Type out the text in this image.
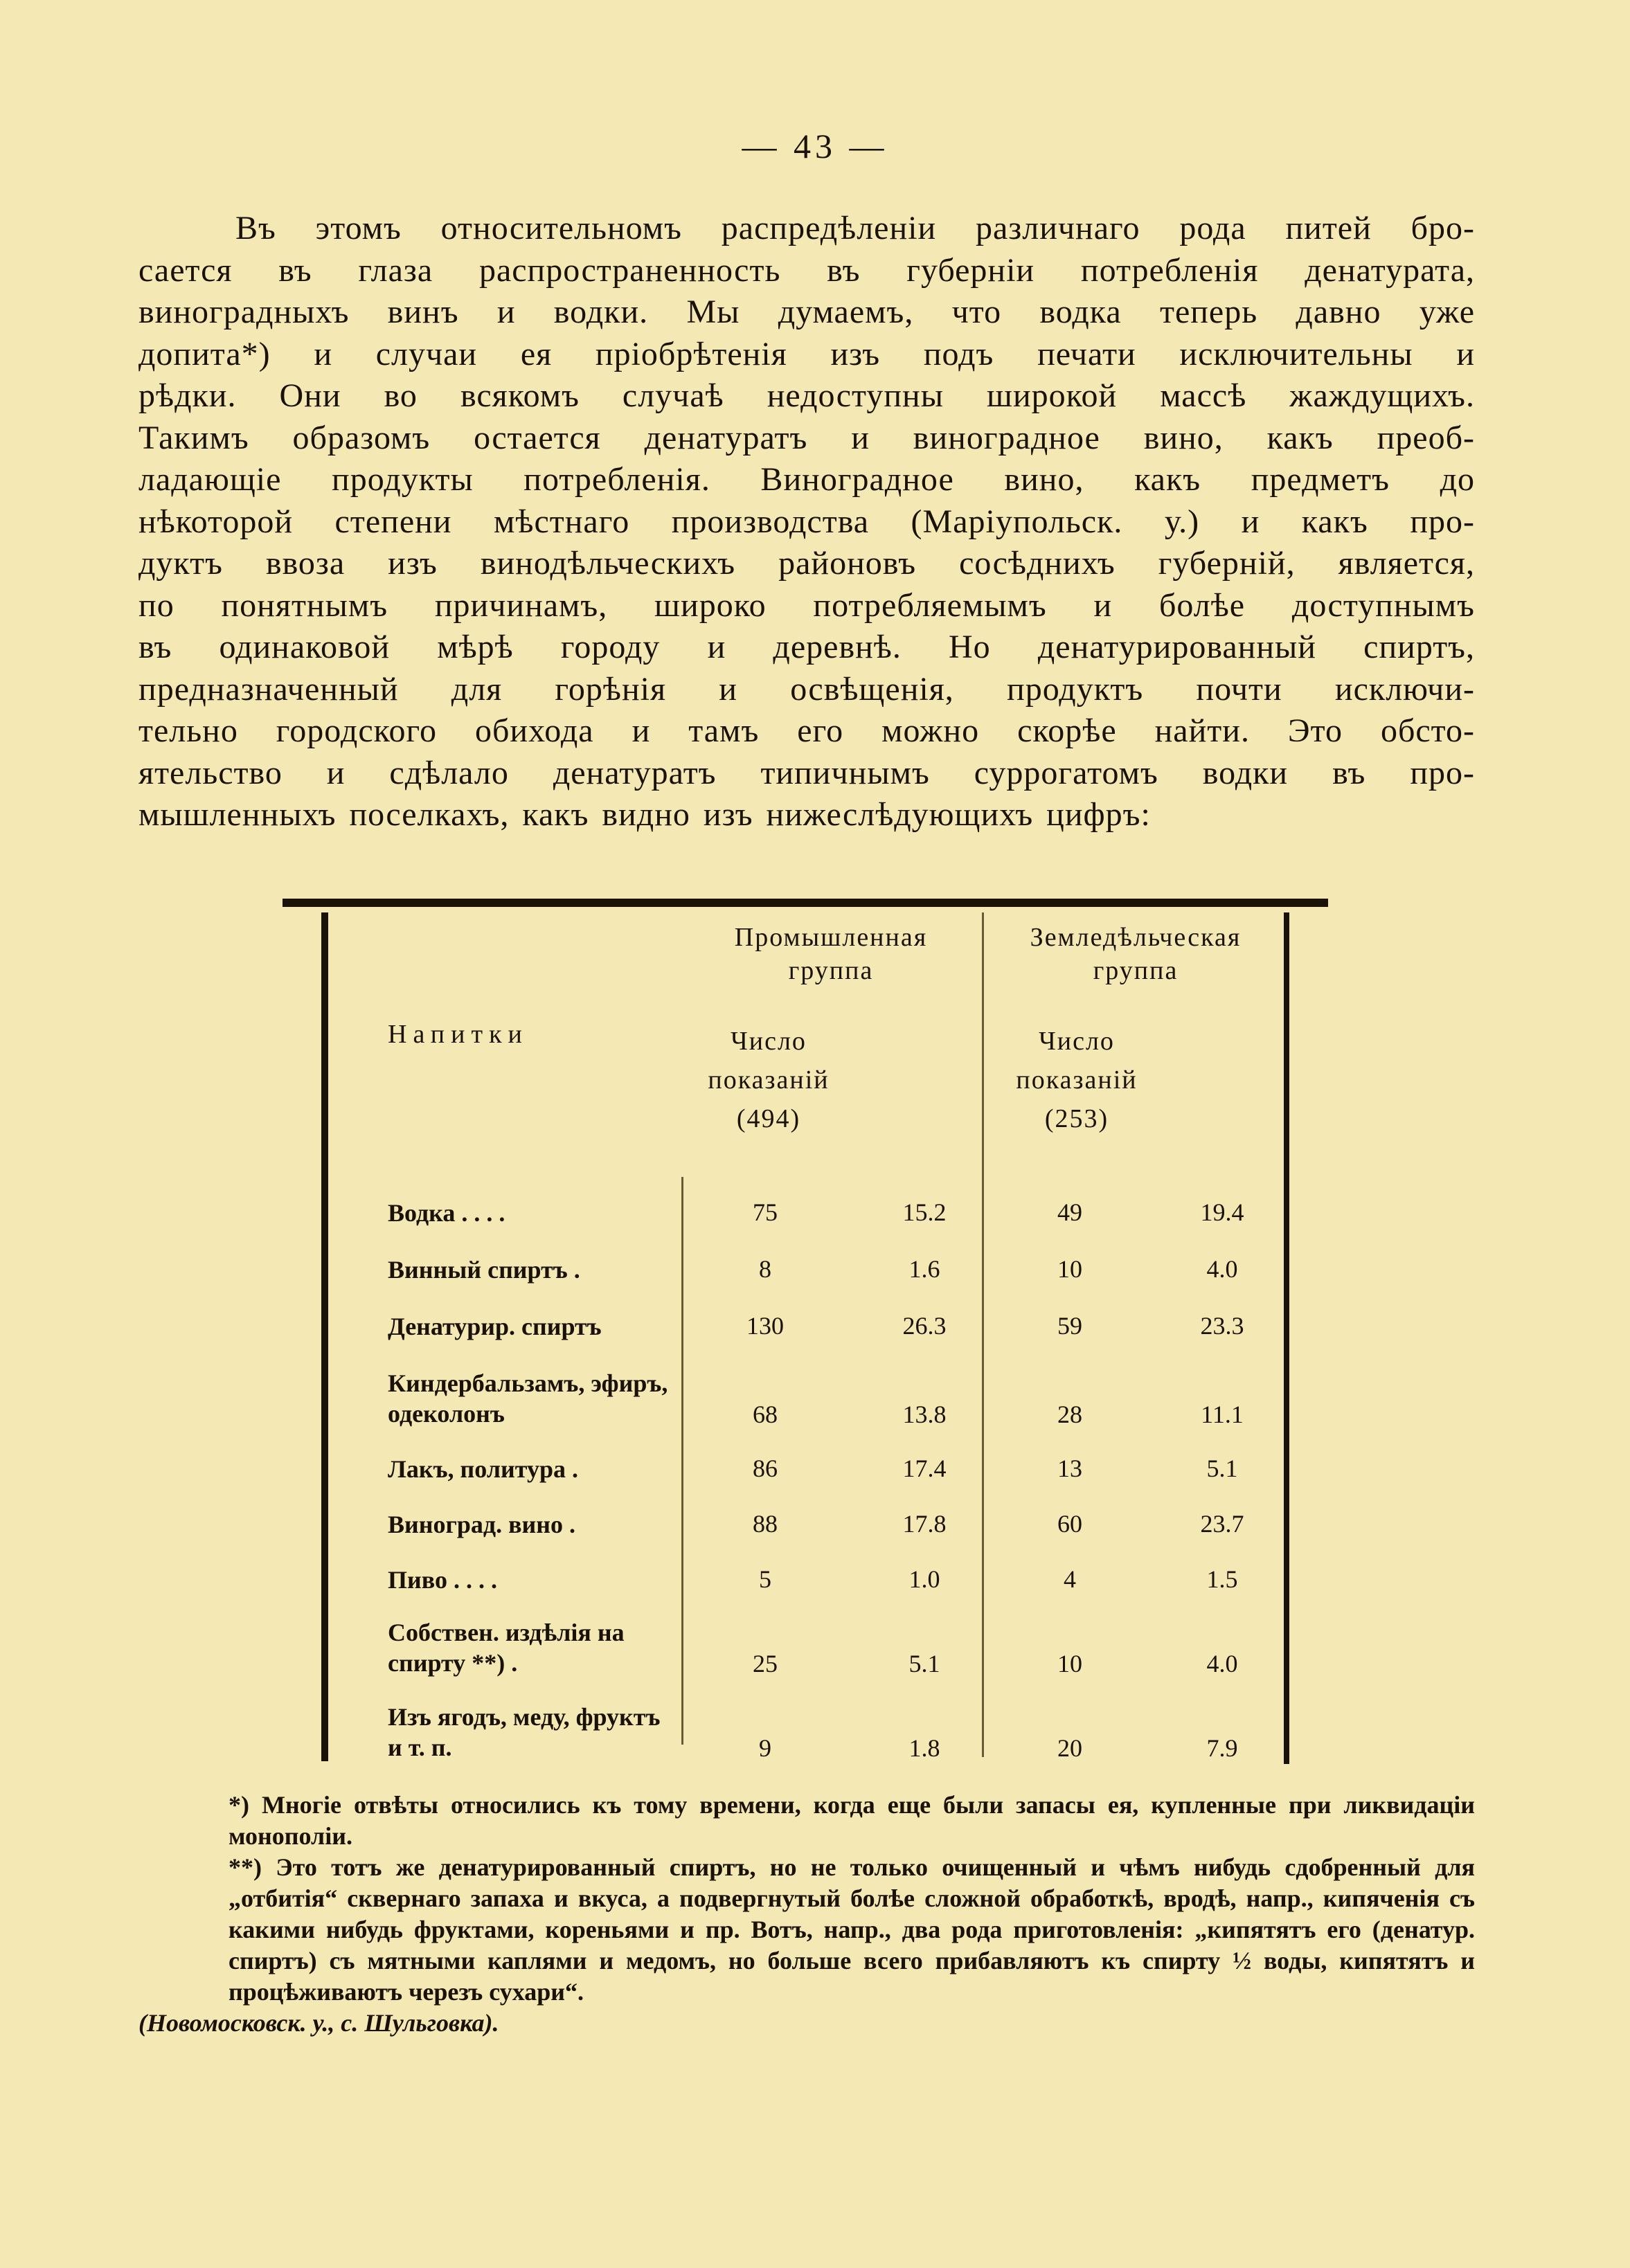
— 43 —
Въ этомъ относительномъ распредѣленіи различнаго рода питей бро-
сается въ глаза распространенность въ губерніи потребленія денатурата,
виноградныхъ винъ и водки. Мы думаемъ, что водка теперь давно уже
допита*) и случаи ея пріобрѣтенія изъ подъ печати исключительны и
рѣдки. Они во всякомъ случаѣ недоступны широкой массѣ жаждущихъ.
Такимъ образомъ остается денатуратъ и виноградное вино, какъ преоб-
ладающіе продукты потребленія. Виноградное вино, какъ предметъ до
нѣкоторой степени мѣстнаго производства (Маріупольск. у.) и какъ про-
дуктъ ввоза изъ винодѣльческихъ районовъ сосѣднихъ губерній, является,
по понятнымъ причинамъ, широко потребляемымъ и болѣе доступнымъ
въ одинаковой мѣрѣ городу и деревнѣ. Но денатурированный спиртъ,
предназначенный для горѣнія и освѣщенія, продуктъ почти исключи-
тельно городского обихода и тамъ его можно скорѣе найти. Это обсто-
ятельство и сдѣлало денатуратъ типичнымъ суррогатомъ водки въ про-
мышленныхъ поселкахъ, какъ видно изъ нижеслѣдующихъ цифръ:
Промышленная группа
Земледѣльческая группа
Напитки	Число
показаній
(494)
Число
показаній
(253)
Водка . . . .	75	15.2	49	19.4
Винный спиртъ .	8	1.6	10	4.0
Денатурир. спиртъ	130	26.3	59	23.3
Киндербальзамъ, эфиръ, одеколонъ	68	13.8	28	11.1
Лакъ, политура .	86	17.4	13	5.1
Виноград. вино .	88	17.8	60	23.7
Пиво . . . .	5	1.0	4	1.5
Собствен. издѣлія на спирту **) .	25	5.1	10	4.0
Изъ ягодъ, меду, фруктъ и т. п.	9	1.8	20	7.9

*) Многіе отвѣты относились къ тому времени, когда еще были запасы ея, купленные при ликвидаціи монополіи.

**) Это тотъ же денатурированный спиртъ, но не только очищенный и чѣмъ нибудь сдобренный для „отбитія“ сквернаго запаха и вкуса, а подвергнутый болѣе сложной обработкѣ, вродѣ, напр., кипяченія съ какими нибудь фруктами, кореньями и пр. Вотъ, напр., два рода приготовленія: „кипятятъ его (денатур. спиртъ) съ мятными каплями и медомъ, но больше всего прибавляютъ къ спирту ½ воды, кипятятъ и процѣживаютъ черезъ сухари“.

(Новомосковск. у., с. Шульговка).
